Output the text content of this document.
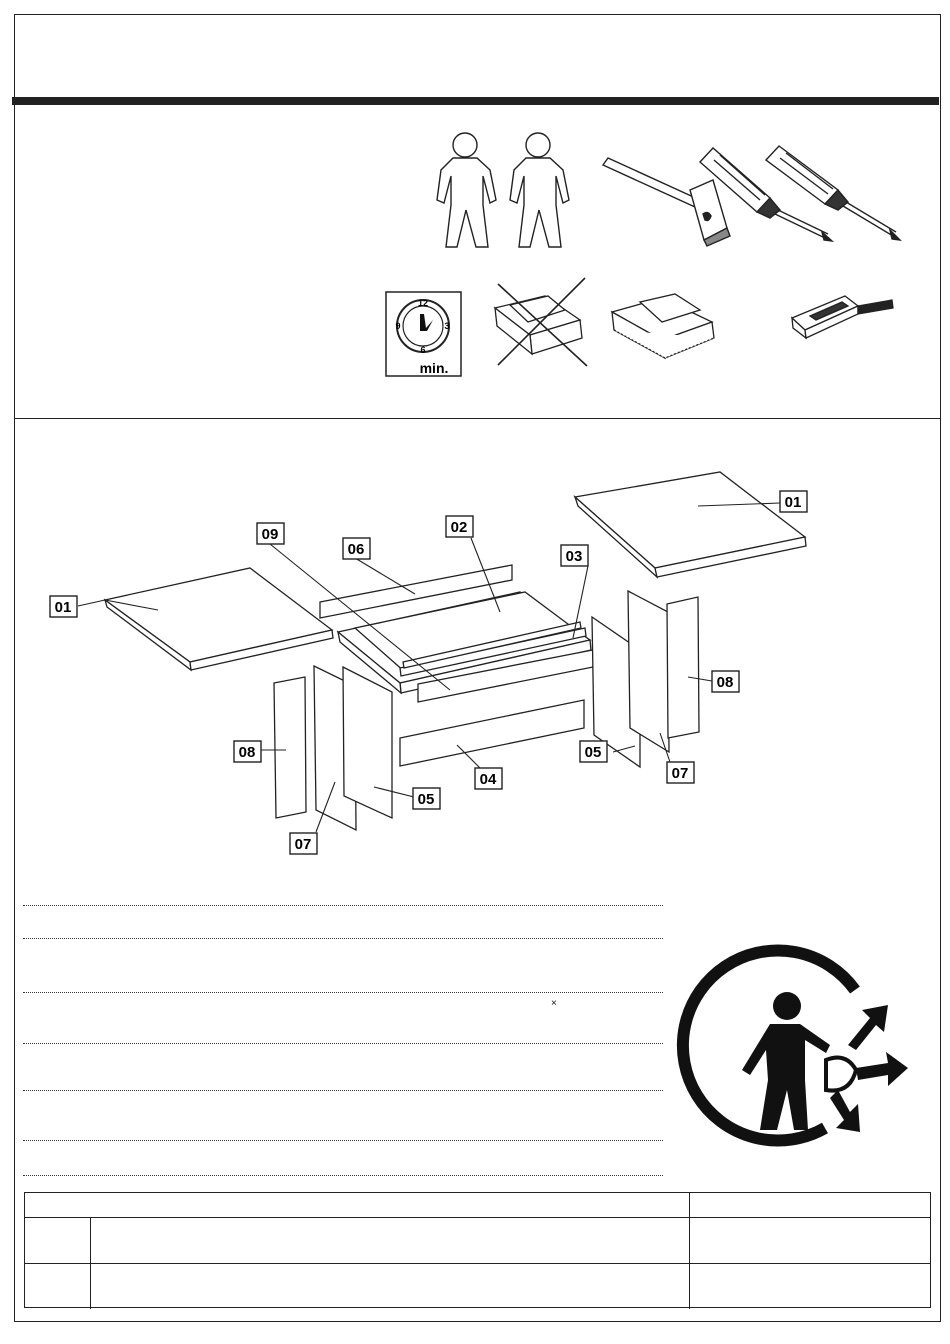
12
3
6
9
min.
01
01
02
03
04
05
05
06
07
07
08
08
09
×
